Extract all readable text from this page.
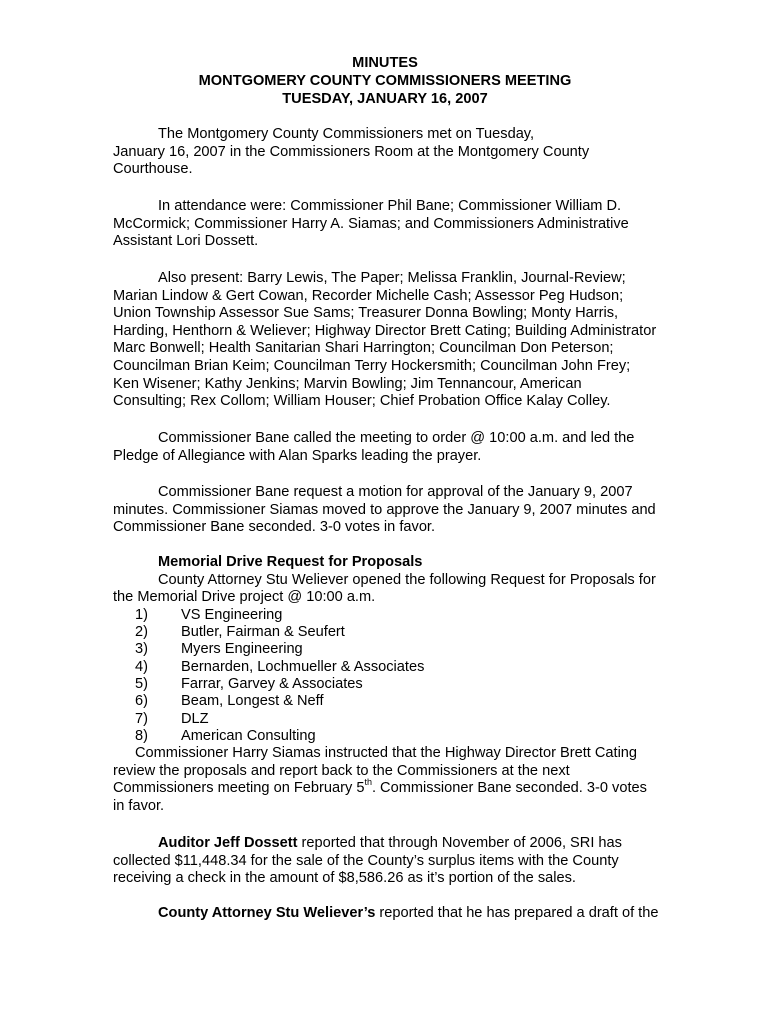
MINUTES
MONTGOMERY COUNTY COMMISSIONERS MEETING
TUESDAY, JANUARY 16, 2007
The Montgomery County Commissioners met on Tuesday,
January 16, 2007 in the Commissioners Room at the Montgomery County
Courthouse.
In attendance were: Commissioner Phil Bane; Commissioner William D.
McCormick; Commissioner Harry A. Siamas; and Commissioners Administrative
Assistant Lori Dossett.
Also present: Barry Lewis, The Paper; Melissa Franklin, Journal-Review;
Marian Lindow & Gert Cowan, Recorder Michelle Cash; Assessor Peg Hudson;
Union Township Assessor Sue Sams; Treasurer Donna Bowling; Monty Harris,
Harding, Henthorn & Weliever; Highway Director Brett Cating; Building Administrator
Marc Bonwell; Health Sanitarian Shari Harrington; Councilman Don Peterson;
Councilman Brian Keim; Councilman Terry Hockersmith; Councilman John Frey;
Ken Wisener; Kathy Jenkins; Marvin Bowling; Jim Tennancour, American
Consulting; Rex Collom; William Houser; Chief Probation Office Kalay Colley.
Commissioner Bane called the meeting to order @ 10:00 a.m. and led the
Pledge of Allegiance with Alan Sparks leading the prayer.
Commissioner Bane request a motion for approval of the January 9, 2007
minutes. Commissioner Siamas moved to approve the January 9, 2007 minutes and
Commissioner Bane seconded. 3-0 votes in favor.
Memorial Drive Request for Proposals
County Attorney Stu Weliever opened the following Request for Proposals for
the Memorial Drive project @ 10:00 a.m.
1) VS Engineering
2) Butler, Fairman & Seufert
3) Myers Engineering
4) Bernarden, Lochmueller & Associates
5) Farrar, Garvey & Associates
6) Beam, Longest & Neff
7) DLZ
8) American Consulting
Commissioner Harry Siamas instructed that the Highway Director Brett Cating
review the proposals and report back to the Commissioners at the next
Commissioners meeting on February 5th. Commissioner Bane seconded. 3-0 votes
in favor.
Auditor Jeff Dossett reported that through November of 2006, SRI has
collected $11,448.34 for the sale of the County’s surplus items with the County
receiving a check in the amount of $8,586.26 as it’s portion of the sales.
County Attorney Stu Weliever’s reported that he has prepared a draft of the
